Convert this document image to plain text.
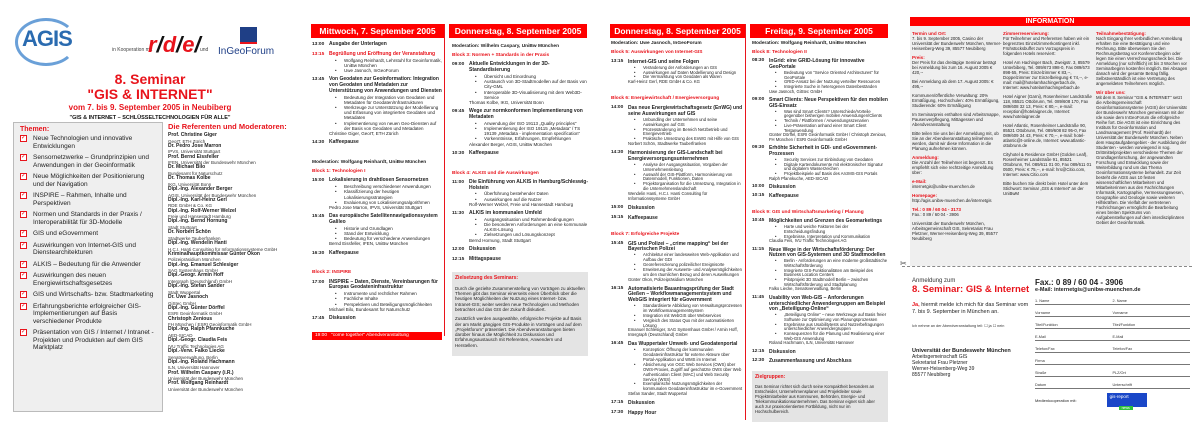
AGIS	in Kooperation mit
r/d/e/ und InGeoForum
8. Seminar
"GIS & INTERNET"
vom 7. bis 9. September 2005 in Neubiberg
"GIS & INTERNET – SCHLÜSSELTECHNOLOGIEN FÜR ALLE"
Themen:
✓ Neue Technologien und innovative Entwicklungen
✓ Sensornetzwerke – Grundprinzipien und Anwendungen in der Geoinformatik
✓ Neue Möglichkeiten der Positionierung und der Navigation
✓ INSPIRE – Rahmen, Inhalte und Perspektiven
✓ Normen und Standards in der Praxis / Interoperabilität für 3D-Modelle
✓ GIS und eGovernment
✓ Auswirkungen von Internet-GIS und Dienstearchitekturen
✓ ALKIS – Bedeutung für die Anwender
✓ Auswirkungen des neuen Energiewirtschaftsgesetzes
✓ GIS und Wirtschafts- bzw. Stadtmarketing
✓ Erfahrungsberichte erfolgreicher GIS-Implementierungen auf Basis verschiedener Produkte
✓ Präsentation von GIS / Internet / Intranet - Projekten und Produkten auf dem GIS Marktplatz
Die Referenten und Moderatoren:
Prof. Christine Giger
GeoIT, ETH Zürich
Dr. Pedro Jose Marron
IPVS, Universität Stuttgart
Prof. Bernd Eissfeller
IFEN, Universität der Bundeswehr München
Dr. Michael Bilo
Bundesamt für Naturschutz
Dr. Thomas Kolbe
IKG, Universität Bonn
Dipl.-Ing. Alexander Berger
AGIS, Universität der Bundeswehr München
Dipl.-Ing. Karl-Heinz Gerl
RDE GmbH & Co. KG
Dipl.-Ing. Rolf-Werner Welzel
Freie und Hansestadt Hamburg
Dipl.-Ing. Bernd Hornung
Stadt Stuttgart
Dr. Norbert Schön
Stadtwerke Tauberfranken
Dipl.-Ing. Wendelin Hanti
H.C.I. Hanti Consulting für Informationssysteme GmbH
Kriminalhauptkommissar Günter Okon
Polizeipräsidium München
Dipl.-Ing. Emanuel Schlesiger
SAG Systemhaus GmbH
Dipl.-Geogr. Armin Hoff
Intergraph (Deutschland) GmbH
Dipl.-Ing. Stefan Sander
Stadt Wuppertal
Dr. Uwe Jasnoch
GiStec GmbH
Dipl.-Ing. Günter Dörffel
ESRI Geoinformatik GmbH
Christoph Zenious
FH München / ESRI Geoinformatik GmbH
Dipl.-Ing. Ralph Pfannkuche
AED-SICAD
Dipl.-Geogr. Claudia Feis
IVU Traffic Technologies AG
Dipl.-Verw. Falko Liecke
Senatsverwaltung, Berlin
Dipl.-Ing. Roland Hachmann
ILN, Universität Hannover
Prof. Wilhelm Caspary (i.R.)
Universität der Bundeswehr München
Prof. Wolfgang Reinhardt
Universität der Bundeswehr München
Mittwoch, 7. September 2005
13:00 Ausgabe der Unterlagen
13:15 Begrüßung und Eröffnung der Veranstaltung
• Wolfgang Reinhardt, Lehrstuhl für Geoinformatik, UniBw München
• Uwe Jasnoch, InGeoForum
13:45 Von Geodaten zur Geoinformation: Integration von Geodaten und Metadaten zur Unterstützung von Anwendungen und Diensten
• Bedeutung der Integration von Geodaten und Metadaten für Geodaten/Infrastrukturen
• Werkzeuge zur Unterstützung der Modellierung und Erfassung von integrierten Geodaten und Metadaten
• Implementierung von neuen Geo-Diensten auf der Basis von Geodaten und Metadaten
Christine Giger, GeoIT, ETH Zürich
14:30 Kaffeepause
Moderation: Wolfgang Reinhardt, UniBw München
Block 1: Technologien I
15:00 Lokalisierung in drahtlosen Sensornetzen
• Beschreibung verschiedener Anwendungen
• Klassifizierung der heutigen Lokalisierungsstrategien
• Evaluierung von Lokalisierungsalgorithmen
Pedro Jose Marron, IPVS, Universität Stuttgart
15:45 Das europäische Satellitennavigationssystem Galileo
• Historie und Grundlagen
• Stand der Entwicklung
• Bedeutung für verschiedene Anwendungen
Bernd Eissfeller, IFEN, UniBw München
16:30 Kaffeepause
Block 2: INSPIRE
17:00 INSPIRE – Daten, Dienste, Vereinbarungen für Europas Geodateninfrastruktur
• Instrumente und rechtlicher Rahmen
• Fachliche Inhalte
• Perspektiven und Beteiligungsmöglichkeiten
Michael Bilo, Bundesamt für Naturschutz
17:45 Diskussion
19:00 "come together" Abendveranstaltung
Donnerstag, 8. September 2005
Moderation: Wilhelm Caspary, UniBw München
Block 3: Normen + Standards in der Praxis
09:00 Aktuelle Entwicklungen in der 3D-Standardisierung
• Übersicht und Einordnung
• Austausch von 3D-Stadtmodellen auf der Basis von City-GML
• Interoperable 3D-Visualisierung mit dem Web3D-Service
Thomas Kolbe, IKG, Universität Bonn
09:45 Wege zur normkonformen Implementierung von Metadaten
• Anwendung der ISO 19113 „Quality principles“
• Implementierung der ISO 19115 „Metadata“ / TS 19139 „Metadata - implementation specification“
• Vorkenntnisse, Erfahrungen, Empfehlungen
Alexander Berger, AGIS, UniBw München
10:30 Kaffeepause
Block 4: ALKIS und die Auswirkungen
11:00 Die Einführung von ALKIS in Hamburg/Schleswig-Holstein
• Überführung bestehender Daten
• Auswirkungen auf die Nutzer
Rolf-Werner Welzel, Freie und Hansestadt Hamburg
11:30 ALKIS im kommunalen Umfeld
• Ausgangssituation und Rahmenbedingungen
• Die besonderen Anforderungen an eine kommunale ALKIS-Lösung
• Zielsetzungen und Lösungskonzept
Bernd Hornung, Stadt Stuttgart
12:00 Diskussion
12:15 Mittagspause
Zielsetzung des Seminars:

Durch die gezielte Zusammenstellung von Vorträgen zu aktuellen Themen gibt das Seminar einerseits einen Überblick über die heutigen Möglichkeiten der Nutzung eines Internet- bzw. Intranet-GIS; weiter werden neue Technologien und Methoden betrachtet und das GIS der Zukunft diskutiert.

Zusätzlich werden ausgewählte, erfolgreiche Projekte auf Basis der am Markt gängigen GIS-Produkte in Vorträgen und auf dem „Projektforum“ präsentiert. Die Abendveranstaltungen bieten darüber hinaus die Möglichkeit zu Diskussion und Erfahrungsaustausch mit Referenten, Anwendern und Herstellern.

Donnerstag, 8. September 2005
Moderation: Uwe Jasnoch, InGeoForum
Block 5: Auswirkungen von Internet-GIS
13:15 Internet-GIS und seine Folgen
• Veränderung der Anforderungen an GIS
• Auswirkungen auf Daten Modellierung und Design
• Die Vermarktung von Geodaten als Waren
Karl-Heinz Gerl, RDE GmbH & Co. KG
Block 6: Energiewirtschaft / Energieversorgung
14:00 Das neue Energiewirtschaftsgesetz (EnWG) und seine Auswirkungen auf GIS
• Unbundling der Unternehmen und seine Auswirkungen auf GIS
• Prozessänderung im Bereich Netzbetrieb und Energievertrieb
• Praktische Umsetzung des EnWG mit Hilfe von GIS
Norbert Schön, Stadtwerke Tauberfranken
14:30 Harmonisierung der GIS-Landschaft bei Energieversorgungsunternehmen
• Analyse der Ausgangssituation, Vorgaben der Unternehmensleitung
• Auswahl der GIS-Plattform, Harmonisierung von Datenmodell, Funktionen, Daten
• Projektorganisation für die Umsetzung, Integration in die Unternehmenslandschaft
Wendelin Hanti, H.C.I. Hanti Consulting für Informationssysteme GmbH
15:00 Diskussion
15:15 Kaffeepause
Block 7: Erfolgreiche Projekte
15:45 GIS und Polizei – „crime mapping“ bei der Bayerischen Polizei
• Architektur einer landesweiten Web-Applikation und Aufbau der GDI
• Georeferenzierung polizeilicher Ereignisorte
• Erweiterung der Auswerte- und Analysemöglichkeiten um den räumlichen Bezug und deren Auswirkungen
Günter Okon, Polizeipräsidium München
16:15 Automatisierte Bauantragsprüfung der Stadt Gießen – Workflowmanagementsystem und WebGIS integriert für eGovernment
• Standardisierte Abbildung von Verwaltungsprozessen im Workflowmanagementsystem
• Integration mit WebGIS über Webservices
• Vergleich des Status Quo mit der automatisierten Lösung
Emanuel Schlesiger, SAG Systemhaus GmbH / Armin Hoff, Intergraph (Deutschland) GmbH
16:45 Das Wuppertaler Umwelt- und Geodatenportal
• Konzeption: Öffnung der kommunalen Geodateninfrastruktur für externe Akteure über Portal-Applikation und WMS im Internet
• Absicherung von OGC Web Services (OWS) über OWS-Proxies, Zugriff auf geschützte OWS über Web Authentication Client (WAC) und Web Security Service (WSS)
• Exemplarische Nutzungsmöglichkeiten der kommunalen Geodateninfrastruktur im e-Government
Stefan Sander, Stadt Wuppertal
17:15 Diskussion
17:30 Happy Hour
Freitag, 9. September 2005
Moderation: Wolfgang Reinhardt, UniBw München
Block 8: Technologien II
08:30 InGrid: eine GRID-Lösung für innovative GeoPortale
• Bedeutung von "Service Oriented Architectures" für GeoPortale
• GRID-Ansatz bei der Nutzung verteilter Ressourcen
• Integrierte Suche in heterogenen Datenbeständen
Uwe Jasnoch, GiStec GmbH
09:00 Smart Clients: Neue Perspektiven für den mobilen GIS-Einsatz
• Was sind Smart Clients? Unterschiede/Vorteile gegenüber bisherigen mobilen Anwendungen/Clients
• Technik / Plattformen / Anwendungsszenarien
• Live-Präsentation anhand einer Smart Client Testanwendung
Günter Dörffel, ESRI Geoinformatik GmbH / Christoph Zenious, FH München / ESRI Geoinformatik GmbH
09:30 Erhöhte Sicherheit in GDI- und eGovernment-Prozessen
• Security Services zur Einbindung von Geodaten
• Digitale Kartendokumente mit elektronischer Signatur und digitalem Wasserzeichen
• Projektbeispiele auf Basis des ArcIMS-GIS Portals
Ralph Pfannkuche, AED-SICAD
10:00 Diskussion
10:15 Kaffeepause
Block 9: GIS und Wirtschaftsmarketing / Planung
10:45 Möglichkeiten und Grenzen des Geomarketings
• Harte und weiche Faktoren bei der Entscheidungsfindung
• Ergebnisse, Interpretation und Kommunikation
Claudia Feis, IVU Traffic Technologies AG
11:15 Neue Wege in der Wirtschaftsförderung: Der Nutzen von GIS-Systemen und 3D Stadtmodellen
• Berlin - Anforderungen an eine moderne großstädtische Wirtschaftsförderung
• Integrierte GIS-Funktionalitäten am Beispiel des Business Location Centers
• Pilotprojekt 3D Stadtmodell Berlin – zwischen Wirtschaftsförderung und Stadtplanung
Falko Liecke, Senatsverwaltung, Berlin
11:45 Usability von Web-GIS – Anforderungen unterschiedlicher Anwendergruppen am Beispiel von „Beteiligung-Online“
• „Beteiligung Online“ – neue Werkzeuge auf Basis freier Software zur Optimierung von Planungsprozessen
• Ergebnisse aus Usabilitytests und Nutzerbefragungen unterschiedlicher Anwendergruppen
• Konsequenzen für die Planung und Realisierung einer Web-GIS Anwendung
Roland Hachmann, ILN, Universität Hannover
12:15 Diskussion
12:30 Zusammenfassung und Abschluss
Zielgruppen:

Das Seminar richtet sich durch seine Kompaktheit besonders an Entscheider, Unternehmensplaner und Projektleiter sowie Projektmitarbeiter aus Kommunen, Behörden, Energie- und Telekommunikationsunternehmen. Das Seminar eignet sich aber auch zur praxisorientierten Fortbildung, nicht nur im Hochschulbereich.

INFORMATION
Termin und Ort:

7. bis 9. September 2005, Casino der Universität der Bundeswehr München, Werner-Heisenberg-Weg 39, 85577 Neubiberg

Preis:

Der Preis für das dreitägige Seminar beträgt bei Anmeldung bis zum 16. August 2005 € 420,--

Bei Anmeldung ab dem 17. August 2005: € 495,--

Kommunen/öffentliche Verwaltung: 20% Ermäßigung, Hochschulen: 40% Ermäßigung, Studierende: 60% Ermäßigung

Im Seminarpreis enthalten sind Arbeitsmappe, Pausenverpflegung, Mittagessen und Abendveranstaltung

Bitte teilen Sie uns bei der Anmeldung mit, ob Sie an der Abendveranstaltung teilnehmen werden, damit wir diese Information in die Planung aufnehmen können.

Anmeldung:

Die Anzahl der Teilnehmer ist begrenzt. Es empfiehlt sich eine rechtzeitige Anmeldung über:

e-Mail:

internetgis@unibw-muenchen.de

Homepage:

http://agis.unibw-muenchen.de/internetgis

Tel.: 0 89 / 60 04 - 3173

Fax.: 0 89 / 60 04 - 3906

Universität der Bundeswehr München, Arbeitsgemeinschaft GIS, Sekretariat Frau Pletzner, Werner-Heisenberg-Weg 39, 85577 Neubiberg

Zimmerreservierung:

Für Teilnehmer und Referenten haben wir ein begrenztes Einzelzimmerkontingent inkl. Frühstücksbuffet zum Vorzugspreis in folgenden Hotels reserviert:

Hotel Am Hachinger Bach, Zweigstr. 3, 85579 Unterbiberg, Tel. 089/673 898-0, Fax 089/673 898-55, Preis: Einzelzimmer € 83,--, Doppelzimmer zur Einzelbelegung € 74,--, e-mail: mail@hotelamhachingerbach.de, Internet: www.hotelamhachingerbach.de

Hotel Aigner (Garni), Rosenheimer Landstraße 118, 85521 Ottobrunn, Tel. 089/608 170, Fax 089/608 32 13, Preis: € 80,--, e-mail: reception@hotelaigner.de, Internet: www.hotelaigner.de

Hotel Atlantic, Rosenheimer Landstraße 90, 85521 Ottobrunn, Tel. 089/608 82 95-0, Fax 089/609 34 43, Preis: € 70,--, e-mail: hotel-atlantic@t-online.de, Internet: www.atlantic-ottobrunn.de

Cityhotel & Residence GmbH (Golden Leaf), Rosenheimer Landstraße 91, 85521 Ottobrunn, Tel. 089/611 01 00, Fax 089/611 01 0500, Preis: € 75,--, e-mail: hrs@Citio.com, Internet: www.Citio.com

Bitte buchen Sie direkt beim Hotel unter dem Stichwort: Seminar „GIS & Internet“ an der UniBwM

Teilnahmebestätigung:

Nach Eingang Ihrer verbindlichen Anmeldung erhalten Sie eine Bestätigung und eine Rechnung. Bitte überweisen Sie den Rechnungsbetrag vor Konferenzbeginn oder legen Sie einen Verrechnungsscheck bei. Die Anmeldung (nur schriftlich) ist bis 3 Wochen vor Seminarbeginn kostenfrei möglich. Bei Absagen danach wird der gesamte Betrag fällig. Selbstverständlich ist eine Vertretung des angemeldeten Teilnehmers möglich.

Wir über uns:

Mit dem 8. Seminar "GIS & INTERNET" setzt die Arbeitsgemeinschaft Geoinformationssysteme (AGIS) der Universität der Bundeswehr München gemeinsam mit der rde sowie dem InGeoForum die erfolgreiche Reihe fort. Die AGIS ist eine Einrichtung des Instituts für Geoinformation und Landmanagement (Prof. Reinhardt) der Universität der Bundeswehr München. Neben dem Hauptaufgabengebiet - der Ausbildung der Studenten - werden vorwiegend in sog. Drittmittelprojekten verschiedene Themen der Grundlagenforschung, der angewandten Forschung und Entwicklung sowie der Weiterbildung rund um das Thema Geoinformationssysteme behandelt. Zur Zeit besteht die AGIS aus 10 festen wissenschaftlichen Mitarbeitern und Mitarbeiterinnen aus den Fachrichtungen Informatik, Kartographie, Vermessungswesen, Geographie und Geologie sowie weiteren Hilfskräften. Die Vielfalt der vertretenen Fachrichtungen ermöglicht die Bearbeitung eines breiten Spektrums von Aufgabenstellungen auf dem interdisziplinären Gebiet der Geoinformatik.

✂
Anmeldung zum
8. Seminar: GIS & Internet
Ja, hiermit melde ich mich für das Seminar vom 7. bis 9. September in München an.
Ich nehme an der Abendveranstaltung teil: ☐ ja ☐ nein
Universität der Bundeswehr München
Arbeitsgemeinschaft GIS
Sekretariat Frau Pletzner
Werner-Heisenberg-Weg 39
85577 Neubiberg
Fax.: 0 89 / 60 04 - 3906
e-Mail: internetgis@unibw-muenchen.de
1. Name	2. Name
Vorname	Vorname
Titel/Funktion	Titel/Funktion
E-Mail	E-Mail
Telefon/Fax	Telefon/Fax
Firma
Straße	PLZ/Ort
Datum	Unterschrift
Medienkooperation mit:
gis-report
news
